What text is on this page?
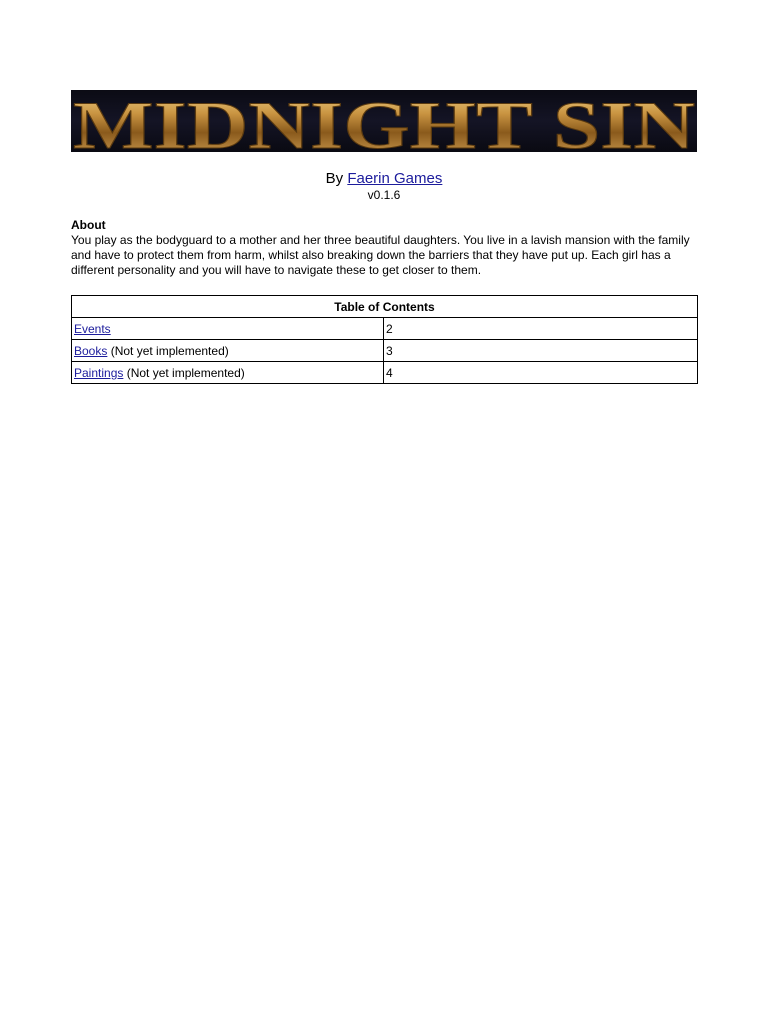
MIDNIGHT SIN
By Faerin Games
v0.1.6
About
You play as the bodyguard to a mother and her three beautiful daughters. You live in a lavish mansion with the family and have to protect them from harm, whilst also breaking down the barriers that they have put up. Each girl has a different personality and you will have to navigate these to get closer to them.
Table of Contents	
Events	2
Books (Not yet implemented)	3
Paintings (Not yet implemented)	4
